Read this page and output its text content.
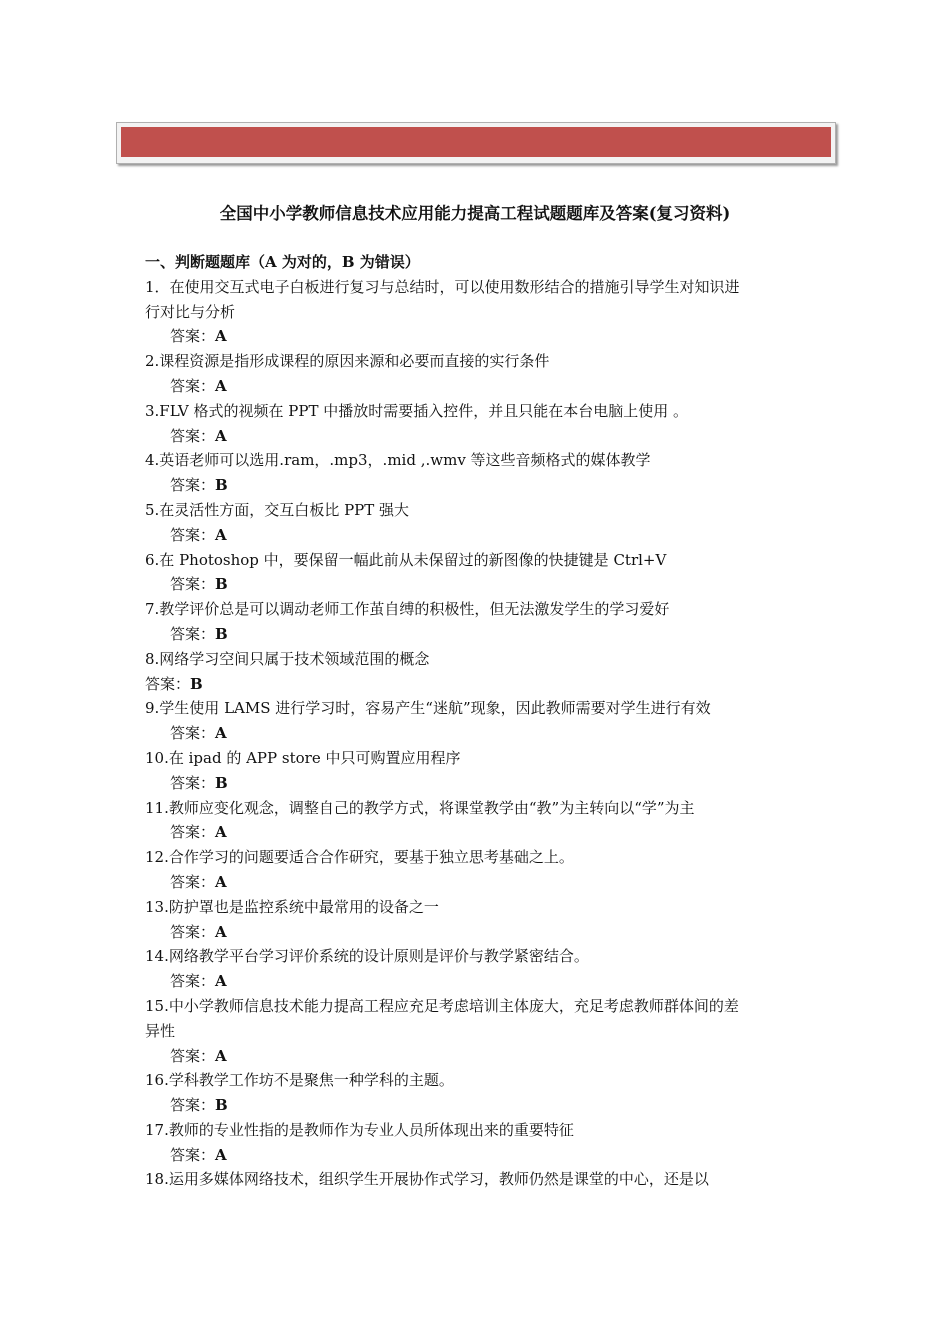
全国中小学教师信息技术应用能力提高工程试题题库及答案(复习资料)
一、判断题题库（A 为对的，B 为错误）
1．在使用交互式电子白板进行复习与总结时，可以使用数形结合的措施引导学生对知识进
行对比与分析
答案：A
2.课程资源是指形成课程的原因来源和必要而直接的实行条件
答案：A
3.FLV 格式的视频在 PPT 中播放时需要插入控件，并且只能在本台电脑上使用 。
答案：A
4.英语老师可以选用.ram，.mp3，.mid ,.wmv 等这些音频格式的媒体教学
答案：B
5.在灵活性方面，交互白板比 PPT 强大
答案：A
6.在 Photoshop 中，要保留一幅此前从未保留过的新图像的快捷键是 Ctrl+V
答案：B
7.教学评价总是可以调动老师工作茧自缚的积极性，但无法激发学生的学习爱好
答案：B
8.网络学习空间只属于技术领域范围的概念
答案：B
9.学生使用 LAMS 进行学习时，容易产生“迷航”现象，因此教师需要对学生进行有效
答案：A
10.在 ipad 的 APP store 中只可购置应用程序
答案：B
11.教师应变化观念，调整自己的教学方式，将课堂教学由“教”为主转向以“学”为主
答案：A
12.合作学习的问题要适合合作研究，要基于独立思考基础之上。
答案：A
13.防护罩也是监控系统中最常用的设备之一
答案：A
14.网络教学平台学习评价系统的设计原则是评价与教学紧密结合。
答案：A
15.中小学教师信息技术能力提高工程应充足考虑培训主体庞大，充足考虑教师群体间的差
异性
答案：A
16.学科教学工作坊不是聚焦一种学科的主题。
答案：B
17.教师的专业性指的是教师作为专业人员所体现出来的重要特征
答案：A
18.运用多媒体网络技术，组织学生开展协作式学习，教师仍然是课堂的中心，还是以
